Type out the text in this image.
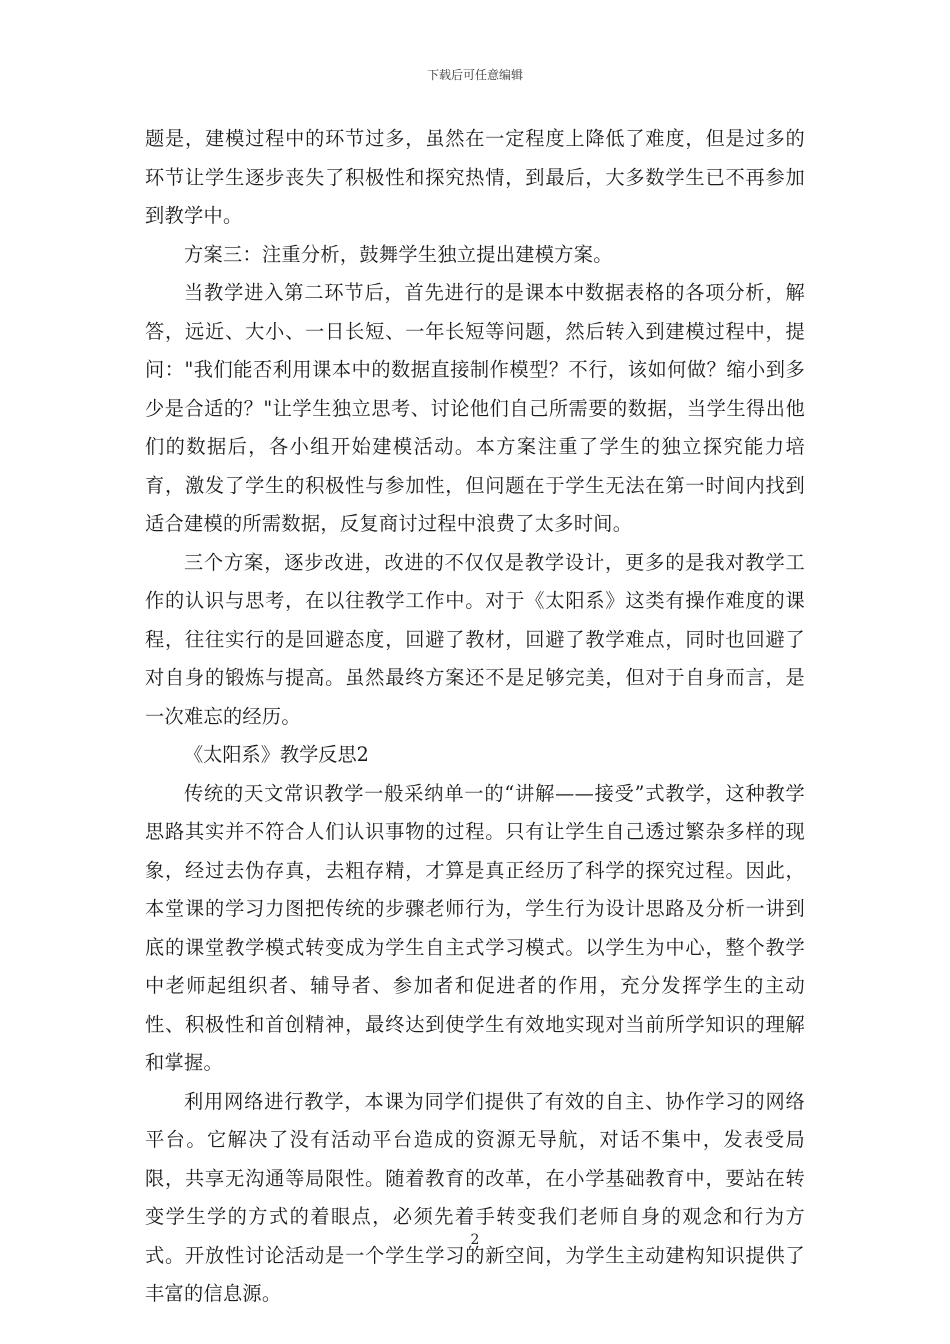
下载后可任意编辑

题是，建模过程中的环节过多，虽然在一定程度上降低了难度，但是过多的环节让学生逐步丧失了积极性和探究热情，到最后，大多数学生已不再参加到教学中。

方案三：注重分析，鼓舞学生独立提出建模方案。

当教学进入第二环节后，首先进行的是课本中数据表格的各项分析，解答，远近、大小、一日长短、一年长短等问题，然后转入到建模过程中，提问："我们能否利用课本中的数据直接制作模型？不行，该如何做？缩小到多少是合适的？"让学生独立思考、讨论他们自己所需要的数据，当学生得出他们的数据后，各小组开始建模活动。本方案注重了学生的独立探究能力培育，激发了学生的积极性与参加性，但问题在于学生无法在第一时间内找到适合建模的所需数据，反复商讨过程中浪费了太多时间。

三个方案，逐步改进，改进的不仅仅是教学设计，更多的是我对教学工作的认识与思考，在以往教学工作中。对于《太阳系》这类有操作难度的课程，往往实行的是回避态度，回避了教材，回避了教学难点，同时也回避了对自身的锻炼与提高。虽然最终方案还不是足够完美，但对于自身而言，是一次难忘的经历。

《太阳系》教学反思2

传统的天文常识教学一般采纳单一的“讲解——接受”式教学，这种教学思路其实并不符合人们认识事物的过程。只有让学生自己透过繁杂多样的现象，经过去伪存真，去粗存精，才算是真正经历了科学的探究过程。因此，本堂课的学习力图把传统的步骤老师行为，学生行为设计思路及分析一讲到底的课堂教学模式转变成为学生自主式学习模式。以学生为中心，整个教学中老师起组织者、辅导者、参加者和促进者的作用，充分发挥学生的主动性、积极性和首创精神，最终达到使学生有效地实现对当前所学知识的理解和掌握。

利用网络进行教学，本课为同学们提供了有效的自主、协作学习的网络平台。它解决了没有活动平台造成的资源无导航，对话不集中，发表受局限，共享无沟通等局限性。随着教育的改革，在小学基础教育中，要站在转变学生学的方式的着眼点，必须先着手转变我们老师自身的观念和行为方式。开放性讨论活动是一个学生学习的新空间，为学生主动建构知识提供了丰富的信息源。

2
